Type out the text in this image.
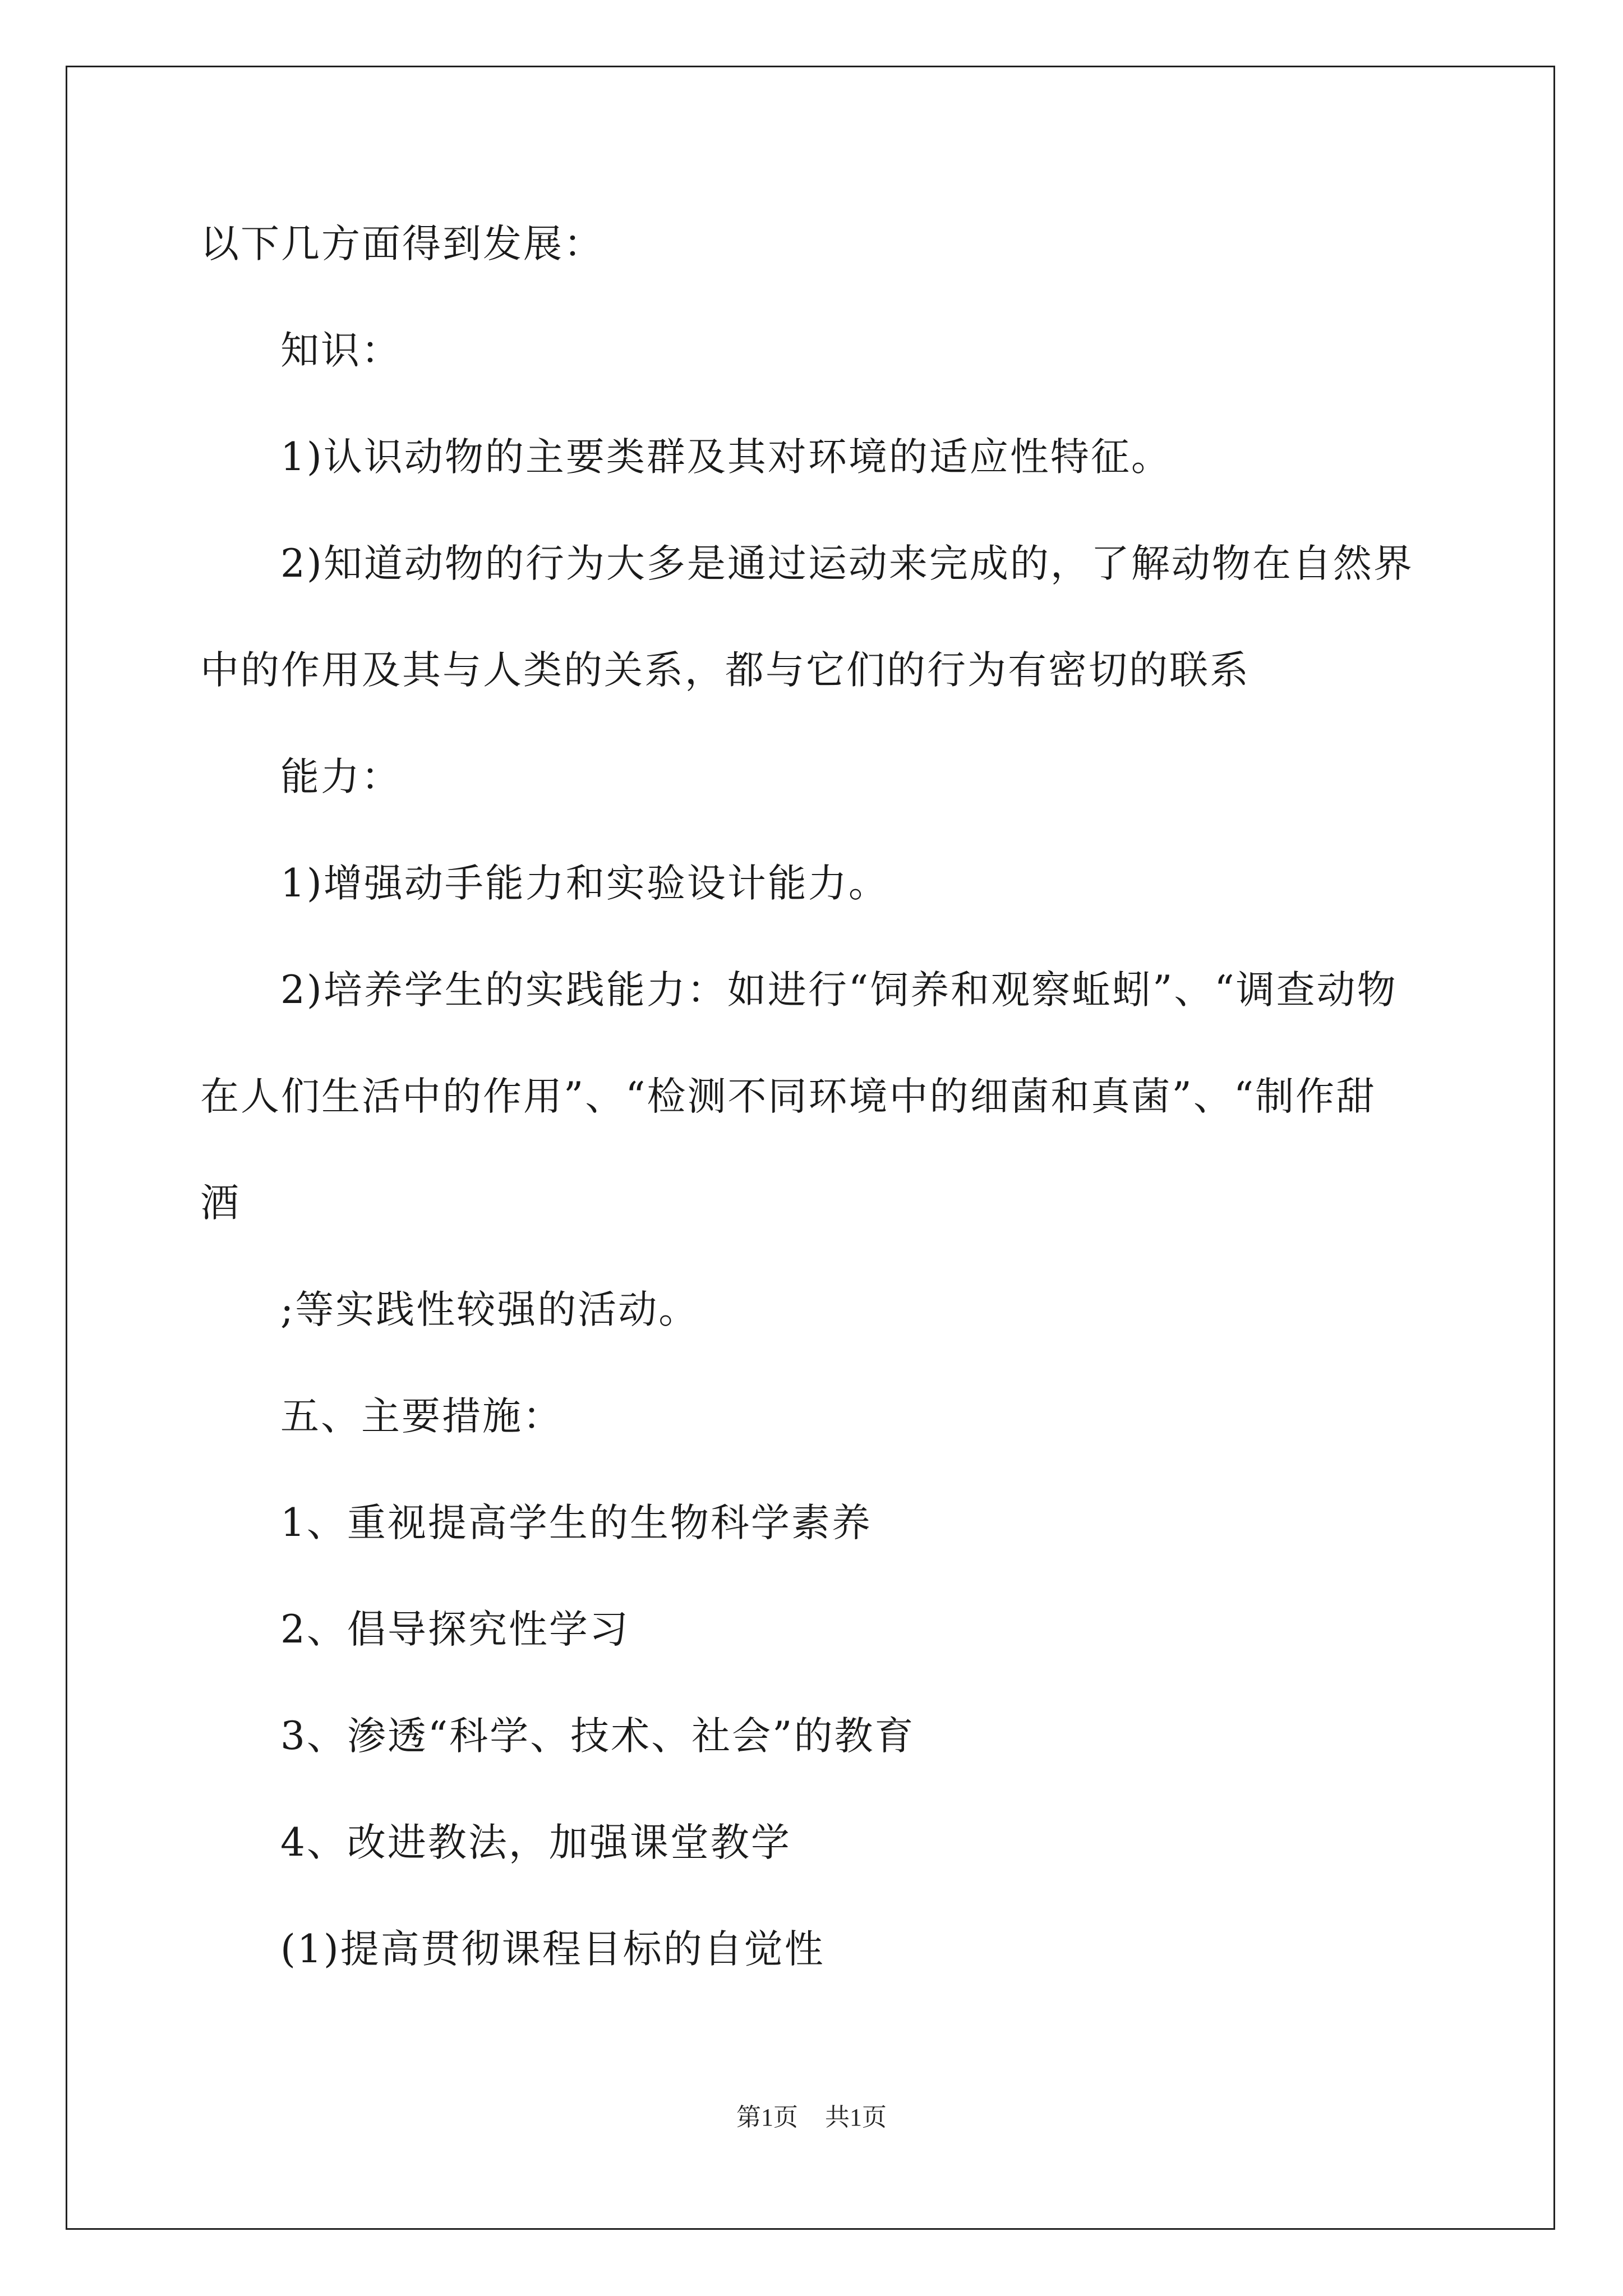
以下几方面得到发展：

知识：

1)认识动物的主要类群及其对环境的适应性特征。

2)知道动物的行为大多是通过运动来完成的，了解动物在自然界

中的作用及其与人类的关系，都与它们的行为有密切的联系

能力：

1)增强动手能力和实验设计能力。

2)培养学生的实践能力：如进行“饲养和观察蚯蚓”、“调查动物

在人们生活中的作用”、“检测不同环境中的细菌和真菌”、“制作甜

酒

;等实践性较强的活动。

五、主要措施：

1、重视提高学生的生物科学素养

2、倡导探究性学习

3、渗透“科学、技术、社会”的教育

4、改进教法，加强课堂教学

(1)提高贯彻课程目标的自觉性

第1页 共1页
